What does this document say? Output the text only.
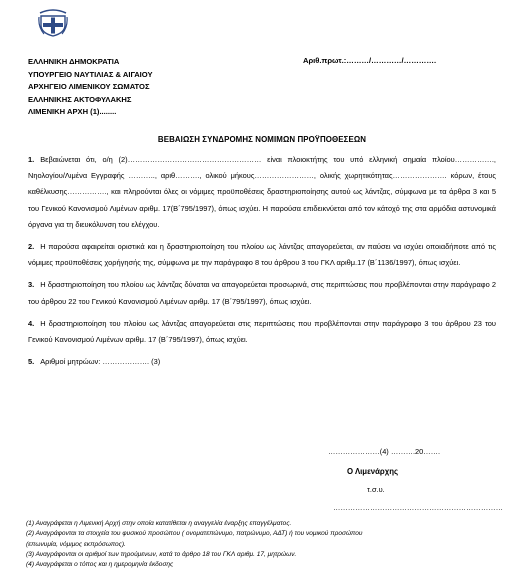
ΕΛΛΗΝΙΚΗ ΔΗΜΟΚΡΑΤΙΑ
ΥΠΟΥΡΓΕΙΟ ΝΑΥΤΙΛΙΑΣ & ΑΙΓΑΙΟΥ
ΑΡΧΗΓΕΙΟ ΛΙΜΕΝΙΚΟΥ ΣΩΜΑΤΟΣ
ΕΛΛΗΝΙΚΗΣ ΑΚΤΟΦΥΛΑΚΗΣ
ΛΙΜΕΝΙΚΗ ΑΡΧΗ (1)........
Αριθ.πρωτ.:………/…………/………….
ΒΕΒΑΙΩΣΗ ΣΥΝΔΡΟΜΗΣ ΝΟΜΙΜΩΝ ΠΡΟΫΠΟΘΕΣΕΩΝ

1. Βεβαιώνεται ότι, ο/η (2)……………………………………………… είναι πλοιοκτήτης του υπό ελληνική σημαία πλοίου……………., Νηολογίου/Λιμένα Εγγραφής ……….., αριθ………., ολικού μήκους……………………, ολικής χωρητικότητας…………………. κόρων, έτους καθέλκυσης……………., και πληρούνται όλες οι νόμιμες προϋποθέσεις δραστηριοποίησης αυτού ως λάντζας, σύμφωνα με τα άρθρα 3 και 5 του Γενικού Κανονισμού Λιμένων αριθμ. 17(Β΄795/1997), όπως ισχύει. Η παρούσα επιδεικνύεται από τον κάτοχό της στα αρμόδια αστυνομικά όργανα για τη διευκόλυνση του ελέγχου.

2. Η παρούσα αφαιρείται οριστικά και η δραστηριοποίηση του πλοίου ως λάντζας απαγορεύεται, αν παύσει να ισχύει οποιαδήποτε από τις νόμιμες προϋποθέσεις χορήγησής της, σύμφωνα με την παράγραφο 8 του άρθρου 3 του ΓΚΛ αριθμ.17 (Β΄1136/1997), όπως ισχύει.

3. Η δραστηριοποίηση του πλοίου ως λάντζας δύναται να απαγορεύεται προσωρινά, στις περιπτώσεις που προβλέπονται στην παράγραφο 2 του άρθρου 22 του Γενικού Κανονισμού Λιμένων αριθμ. 17 (Β΄795/1997), όπως ισχύει.

4. Η δραστηριοποίηση του πλοίου ως λάντζας απαγορεύεται στις περιπτώσεις που προβλέπονται στην παράγραφο 3 του άρθρου 23 του Γενικού Κανονισμού Λιμένων αριθμ. 17 (Β΄795/1997), όπως ισχύει.

5. Αριθμοί μητρώων: ………………. (3)

…………………(4) ……….20…….
Ο Λιμενάρχης
τ.σ.υ.
……………………………………………………………
(1) Αναγράφεται η Λιμενική Αρχή στην οποία κατατίθεται η αναγγελία έναρξης επαγγέλματος.
(2) Αναγράφονται τα στοιχεία του φυσικού προσώπου ( ονοματεπώνυμο, πατρώνυμο, ΑΔΤ) ή του νομικού προσώπου
(επωνυμία, νόμιμος εκπρόσωπος).
(3) Αναγράφονται οι αριθμοί των τηρούμενων, κατά το άρθρο 18 του ΓΚΛ αριθμ. 17, μητρώων.
(4) Αναγράφεται ο τόπος και η ημερομηνία έκδοσης
